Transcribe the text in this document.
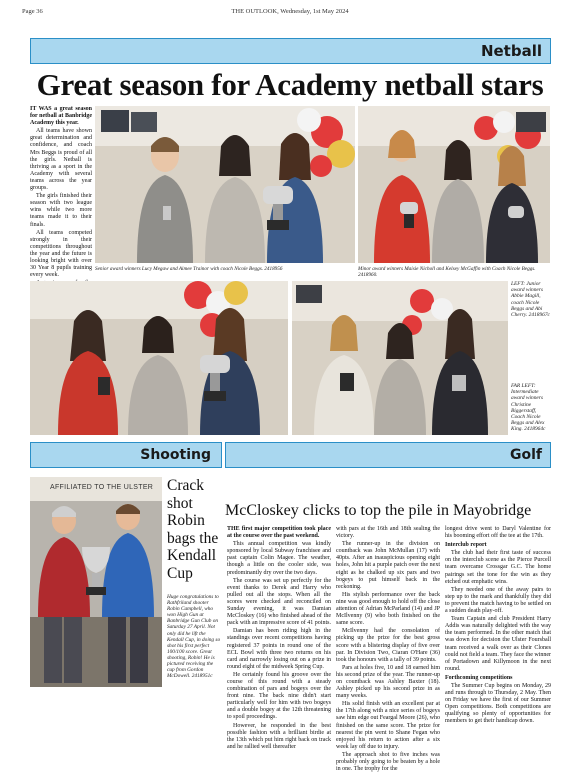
Page 36	THE OUTLOOK, Wednesday, 1st May 2024
Netball
Great season for Academy netball stars

IT WAS a great season for netball at Banbridge Academy this year.

All teams have shown great determination and confidence, and coach Mrs Beggs is proud of all the girls. Netball is thriving as a sport in the Academy with several teams across the year groups.

The girls finished their season with two league wins while two more teams made it to their finals.

All teams competed strongly in their competitions throughout the year and the future is looking bright with over 30 Year 8 pupils training every week.

Senior award winners Lucy Megaw and Aimee Trainor with coach Nicole Beggs. 2418956	Minor award winners Maisie Nicholl and Kelsey McGaffin with Coach Nicole Beggs. 2418960.
LEFT: Junior award winners Abbie Magill, coach Nicole Beggs and Abi Cherry. 2418967c
FAR LEFT: Intermediate award winners Christine Biggerstaff, Coach Nicole Beggs and Alex King. 2418964c
Shooting	Golf
AFFILIATED TO THE ULSTER Crack shot Robin bags the Kendall Cup
Huge congratulations to Rathfriland shooter Robin Campbell, who won High Gun at Banbridge Gun Club on Saturday 27 April. Not only did he lift the Kendall Cup, in doing so shot his first perfect 100/100 score. Great shooting, Robin! He is pictured receiving the cup from Gordon McDowell. 2418951c
McCloskey clicks to top the pile in Mayobridge

THE first major competition took place at the course over the past weekend.

This annual competition was kindly sponsored by local Subway franchisee and past captain Colin Magee. The weather, though a little on the cooler side, was predominantly dry over the two days.

The course was set up perfectly for the event thanks to Derek and Harry who pulled out all the stops. When all the scores were checked and reconciled on Sunday evening, it was Damian McCloskey (16) who finished ahead of the pack with an impressive score of 41 points.

Damian has been riding high in the standings over recent competitions having registered 37 points in round one of the ECL Bowl with three two returns on his card and narrowly losing out on a prize in round eight of the midweek Spring Cup.

He certainly found his groove over the course of this round with a steady combination of pars and bogeys over the front nine. The back nine didn't start particularly well for him with two bogeys and a double bogey at the 12th threatening to spoil proceedings.

However, he responded in the best possible fashion with a brilliant birdie at the 13th which put him right back on track and he rallied well thereafter

with pars at the 16th and 18th sealing the victory.

The runner-up in the division on countback was John McMullan (17) with 40pts. After an inauspicious opening eight holes, John hit a purple patch over the next eight as he chalked up six pars and two bogeys to put himself back in the reckoning.

His stylish performance over the back nine was good enough to hold off the close attention of Adrian McParland (14) and JP McIlvenny (9) who both finished on the same score.

McIlvenny had the consolation of picking up the prize for the best gross score with a blistering display of five over par. In Division Two, Ciaran O'Hare (36) took the honours with a tally of 39 points.

Pars at holes five, 10 and 18 earned him his second prize of the year. The runner-up on countback was Ashley Baxter (18). Ashley picked up his second prize in as many weeks.

His solid finish with an excellent par at the 17th along with a nice series of bogeys saw him edge out Feargal Moore (26), who finished on the same score. The prize for nearest the pin went to Shane Fegan who enjoyed his return to action after a six week lay off due to injury.

The approach shot to five inches was probably only going to be beaten by a hole in one. The trophy for the

longest drive went to Daryl Valentine for his booming effort off the tee at the 17th.

Interclub report

The club had their first taste of success on the interclub scene as the Pierce Purcell team overcame Crossgar G.C. The home pairings set the tone for the win as they etched out emphatic wins.

They needed one of the away pairs to step up to the mark and thankfully they did to prevent the match having to be settled on a sudden death play-off.

Team Captain and club President Harry Addis was naturally delighted with the way the team performed. In the other match that was down for decision the Ulster Foursball team received a walk over as their Clones could not field a team. They face the winner of Portadown and Killymoon in the next round.

Forthcoming competitions

The Summer Cup begins on Monday, 29 and runs through to Thursday, 2 May. Then on Friday we have the first of our Summer Open competitions. Both competitions are qualifying so plenty of opportunities for members to get their handicap down.
